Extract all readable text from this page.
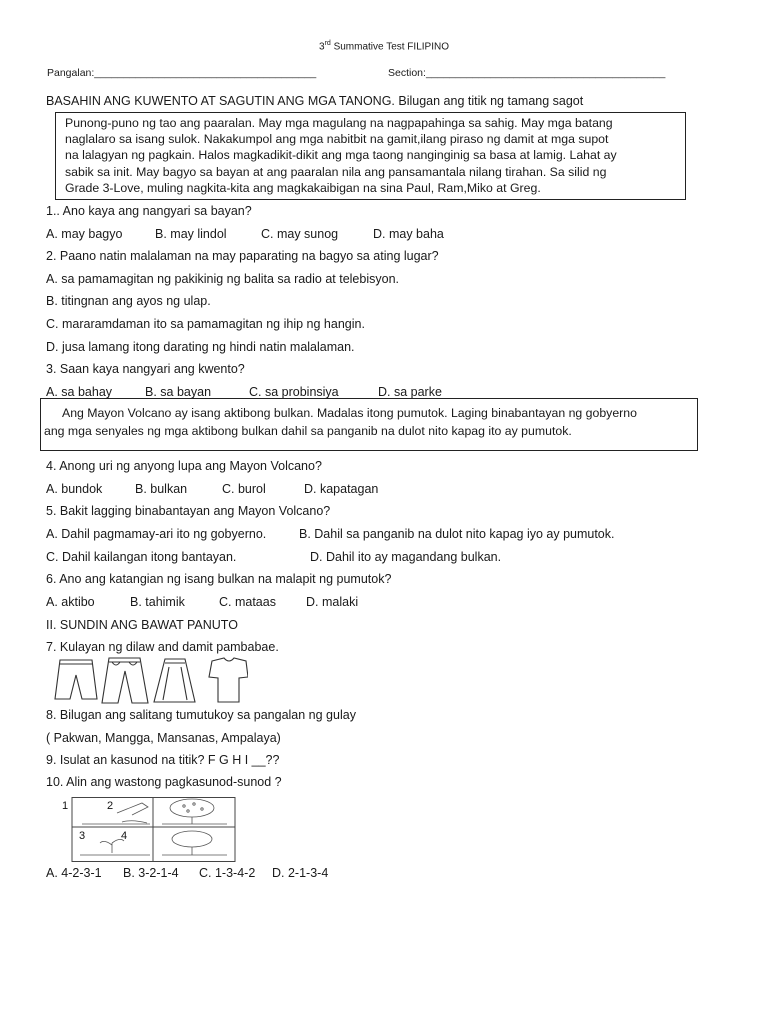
3rd Summative Test FILIPINO
Pangalan:______________________________________	Section:_________________________________________
BASAHIN ANG KUWENTO AT SAGUTIN ANG MGA TANONG. Bilugan ang titik ng tamang sagot

Punong-puno ng tao ang paaralan. May mga magulang na nagpapahinga sa sahig. May mga batang

naglalaro sa isang sulok. Nakakumpol ang mga nabitbit na gamit,ilang piraso ng damit at mga supot

na lalagyan ng pagkain. Halos magkadikit-dikit ang mga taong nanginginig sa basa at lamig. Lahat ay

sabik sa init. May bagyo sa bayan at ang paaralan nila ang pansamantala nilang tirahan. Sa silid ng

Grade 3-Love, muling nagkita-kita ang magkakaibigan na sina Paul, Ram,Miko at Greg.

1.. Ano kaya ang nangyari sa bayan?
A. may bagyo	B. may lindol	C. may sunog	D. may baha
2. Paano natin malalaman na may paparating na bagyo sa ating lugar?
A. sa pamamagitan ng pakikinig ng balita sa radio at telebisyon.
B. titingnan ang ayos ng ulap.
C. mararamdaman ito sa pamamagitan ng ihip ng hangin.
D. jusa lamang itong darating ng hindi natin malalaman.
3. Saan kaya nangyari ang kwento?
A. sa bahay	B. sa bayan	C. sa probinsiya	D. sa parke
Ang Mayon Volcano ay isang aktibong bulkan. Madalas itong pumutok. Laging binabantayan ng gobyerno
ang mga senyales ng mga aktibong bulkan dahil sa panganib na dulot nito kapag ito ay pumutok.
4. Anong uri ng anyong lupa ang Mayon Volcano?
A. bundok	B. bulkan	C. burol	D. kapatagan
5. Bakit lagging binabantayan ang Mayon Volcano?
A. Dahil pagmamay-ari ito ng gobyerno.	B. Dahil sa panganib na dulot nito kapag iyo ay pumutok.
C. Dahil kailangan itong bantayan.	D. Dahil ito ay magandang bulkan.
6. Ano ang katangian ng isang bulkan na malapit ng pumutok?
A. aktibo	B. tahimik	C. mataas D. malaki
II. SUNDIN ANG BAWAT PANUTO
7. Kulayan ng dilaw and damit pambabae.
8. Bilugan ang salitang tumutukoy sa pangalan ng gulay
( Pakwan, Mangga, Mansanas, Ampalaya)
9. Isulat an kasunod na titik? F G H I __??
10. Alin ang wastong pagkasunod-sunod ?
1	2
3	4
A. 4-2-3-1 B. 3-2-1-4 C. 1-3-4-2 D. 2-1-3-4
